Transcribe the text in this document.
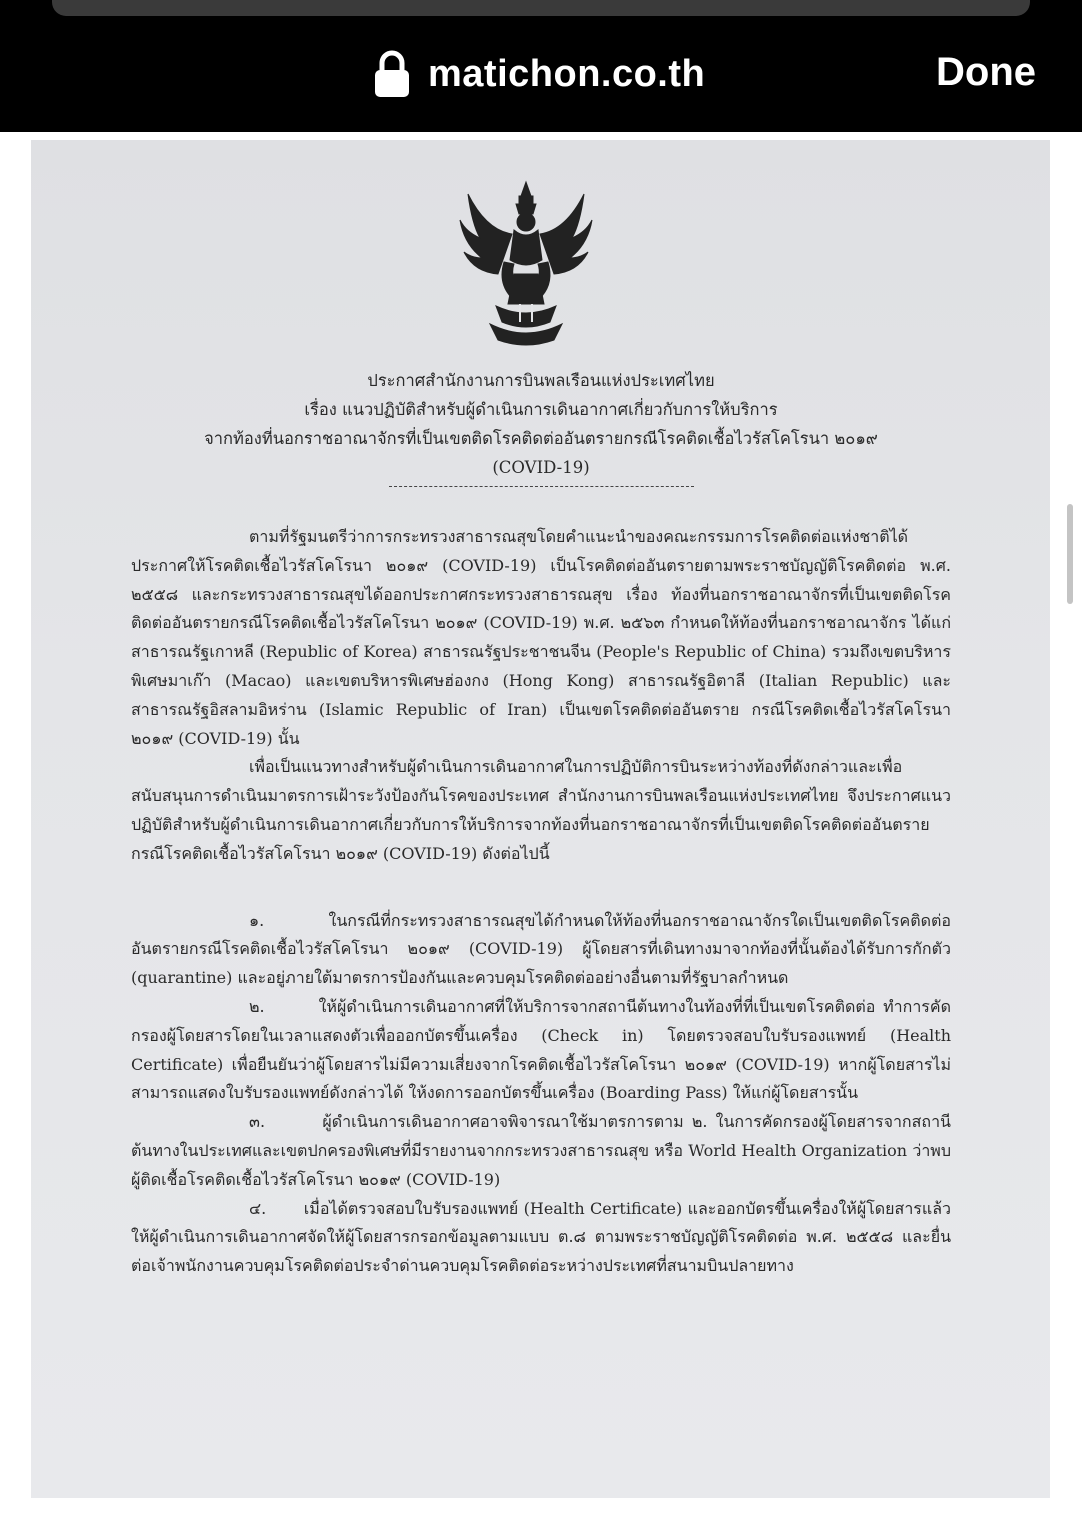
matichon.co.th	Done
ประกาศสำนักงานการบินพลเรือนแห่งประเทศไทย
เรื่อง แนวปฏิบัติสำหรับผู้ดำเนินการเดินอากาศเกี่ยวกับการให้บริการ
จากท้องที่นอกราชอาณาจักรที่เป็นเขตติดโรคติดต่ออันตรายกรณีโรคติดเชื้อไวรัสโคโรนา ๒๐๑๙
(COVID-19)
ตามที่รัฐมนตรีว่าการกระทรวงสาธารณสุขโดยคำแนะนำของคณะกรรมการโรคติดต่อแห่งชาติได้ประกาศให้โรคติดเชื้อไวรัสโคโรนา ๒๐๑๙ (COVID-19) เป็นโรคติดต่ออันตรายตามพระราชบัญญัติโรคติดต่อ พ.ศ. ๒๕๕๘ และกระทรวงสาธารณสุขได้ออกประกาศกระทรวงสาธารณสุข เรื่อง ท้องที่นอกราชอาณาจักรที่เป็นเขตติดโรคติดต่ออันตรายกรณีโรคติดเชื้อไวรัสโคโรนา ๒๐๑๙ (COVID-19) พ.ศ. ๒๕๖๓ กำหนดให้ท้องที่นอกราชอาณาจักร ได้แก่ สาธารณรัฐเกาหลี (Republic of Korea) สาธารณรัฐประชาชนจีน (People's Republic of China) รวมถึงเขตบริหารพิเศษมาเก๊า (Macao) และเขตบริหารพิเศษฮ่องกง (Hong Kong) สาธารณรัฐอิตาลี (Italian Republic) และสาธารณรัฐอิสลามอิหร่าน (Islamic Republic of Iran) เป็นเขตโรคติดต่ออันตราย กรณีโรคติดเชื้อไวรัสโคโรนา ๒๐๑๙ (COVID-19) นั้น
เพื่อเป็นแนวทางสำหรับผู้ดำเนินการเดินอากาศในการปฏิบัติการบินระหว่างท้องที่ดังกล่าวและเพื่อสนับสนุนการดำเนินมาตรการเฝ้าระวังป้องกันโรคของประเทศ สำนักงานการบินพลเรือนแห่งประเทศไทย จึงประกาศแนวปฏิบัติสำหรับผู้ดำเนินการเดินอากาศเกี่ยวกับการให้บริการจากท้องที่นอกราชอาณาจักรที่เป็นเขตติดโรคติดต่ออันตราย กรณีโรคติดเชื้อไวรัสโคโรนา ๒๐๑๙ (COVID-19) ดังต่อไปนี้
๑.	ในกรณีที่กระทรวงสาธารณสุขได้กำหนดให้ท้องที่นอกราชอาณาจักรใดเป็นเขตติดโรคติดต่ออันตรายกรณีโรคติดเชื้อไวรัสโคโรนา ๒๐๑๙ (COVID-19) ผู้โดยสารที่เดินทางมาจากท้องที่นั้นต้องได้รับการกักตัว (quarantine) และอยู่ภายใต้มาตรการป้องกันและควบคุมโรคติดต่ออย่างอื่นตามที่รัฐบาลกำหนด
๒.	ให้ผู้ดำเนินการเดินอากาศที่ให้บริการจากสถานีต้นทางในท้องที่ที่เป็นเขตโรคติดต่อ ทำการคัดกรองผู้โดยสารโดยในเวลาแสดงตัวเพื่อออกบัตรขึ้นเครื่อง (Check in) โดยตรวจสอบใบรับรองแพทย์ (Health Certificate) เพื่อยืนยันว่าผู้โดยสารไม่มีความเสี่ยงจากโรคติดเชื้อไวรัสโคโรนา ๒๐๑๙ (COVID-19) หากผู้โดยสารไม่สามารถแสดงใบรับรองแพทย์ดังกล่าวได้ ให้งดการออกบัตรขึ้นเครื่อง (Boarding Pass) ให้แก่ผู้โดยสารนั้น
๓.	ผู้ดำเนินการเดินอากาศอาจพิจารณาใช้มาตรการตาม ๒. ในการคัดกรองผู้โดยสารจากสถานีต้นทางในประเทศและเขตปกครองพิเศษที่มีรายงานจากกระทรวงสาธารณสุข หรือ World Health Organization ว่าพบผู้ติดเชื้อโรคติดเชื้อไวรัสโคโรนา ๒๐๑๙ (COVID-19)
๔. เมื่อได้ตรวจสอบใบรับรองแพทย์ (Health Certificate) และออกบัตรขึ้นเครื่องให้ผู้โดยสารแล้ว ให้ผู้ดำเนินการเดินอากาศจัดให้ผู้โดยสารกรอกข้อมูลตามแบบ ต.๘ ตามพระราชบัญญัติโรคติดต่อ พ.ศ. ๒๕๕๘ และยื่นต่อเจ้าพนักงานควบคุมโรคติดต่อประจำด่านควบคุมโรคติดต่อระหว่างประเทศที่สนามบินปลายทาง
